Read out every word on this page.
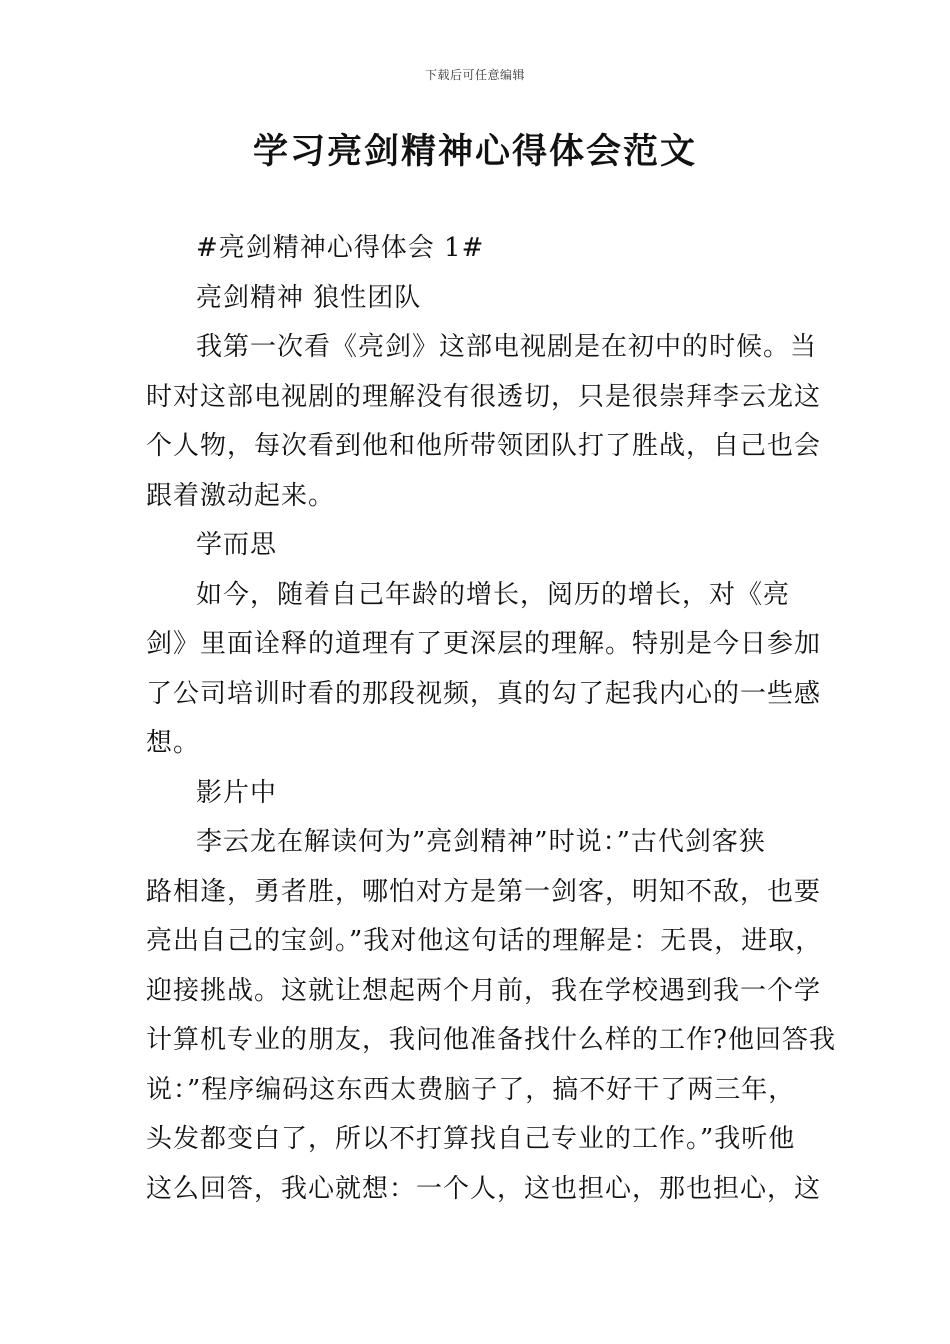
下载后可任意编辑
学习亮剑精神心得体会范文
#亮剑精神心得体会 1#
亮剑精神 狼性团队
我第一次看《亮剑》这部电视剧是在初中的时候。当
时对这部电视剧的理解没有很透切，只是很崇拜李云龙这
个人物，每次看到他和他所带领团队打了胜战，自己也会
跟着激动起来。
学而思
如今，随着自己年龄的增长，阅历的增长，对《亮
剑》里面诠释的道理有了更深层的理解。特别是今日参加
了公司培训时看的那段视频，真的勾了起我内心的一些感
想。
影片中
李云龙在解读何为”亮剑精神”时说：”古代剑客狭
路相逢，勇者胜，哪怕对方是第一剑客，明知不敌，也要
亮出自己的宝剑。”我对他这句话的理解是：无畏，进取，
迎接挑战。这就让想起两个月前，我在学校遇到我一个学
计算机专业的朋友，我问他准备找什么样的工作?他回答我
说：”程序编码这东西太费脑子了，搞不好干了两三年，
头发都变白了，所以不打算找自己专业的工作。”我听他
这么回答，我心就想：一个人，这也担心，那也担心，这
